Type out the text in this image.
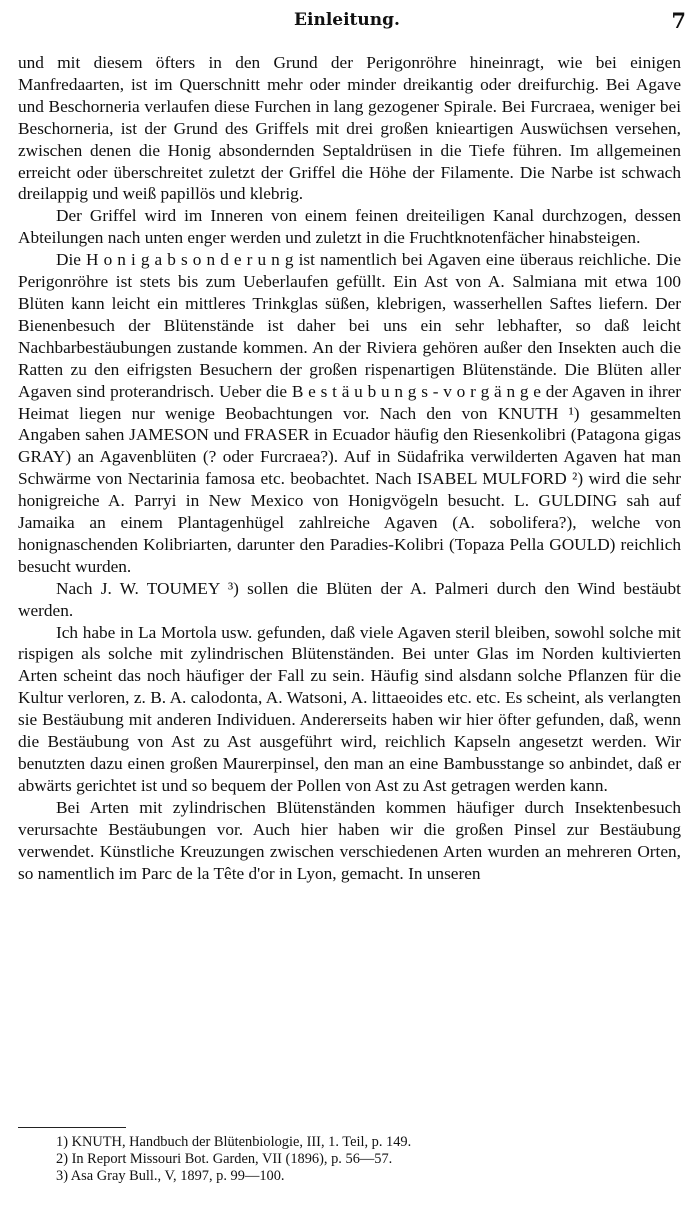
Einleitung.	7

und mit diesem öfters in den Grund der Perigonröhre hineinragt, wie bei einigen Manfredaarten, ist im Querschnitt mehr oder minder dreikantig oder dreifurchig. Bei Agave und Beschorneria verlaufen diese Furchen in lang gezogener Spirale. Bei Furcraea, weniger bei Beschorneria, ist der Grund des Griffels mit drei großen knieartigen Auswüchsen versehen, zwischen denen die Honig absondernden Septaldrüsen in die Tiefe führen. Im allgemeinen erreicht oder überschreitet zuletzt der Griffel die Höhe der Filamente. Die Narbe ist schwach dreilappig und weiß papillös und klebrig.

Der Griffel wird im Inneren von einem feinen dreiteiligen Kanal durchzogen, dessen Abteilungen nach unten enger werden und zuletzt in die Fruchtknotenfächer hinabsteigen.

Die H o n i g a b s o n d e r u n g ist namentlich bei Agaven eine überaus reichliche. Die Perigonröhre ist stets bis zum Ueberlaufen gefüllt. Ein Ast von A. Salmiana mit etwa 100 Blüten kann leicht ein mittleres Trinkglas süßen, klebrigen, wasserhellen Saftes liefern. Der Bienenbesuch der Blütenstände ist daher bei uns ein sehr lebhafter, so daß leicht Nachbarbestäubungen zustande kommen. An der Riviera gehören außer den Insekten auch die Ratten zu den eifrigsten Besuchern der großen rispenartigen Blütenstände. Die Blüten aller Agaven sind proterandrisch. Ueber die B e s t ä u b u n g s - v o r g ä n g e der Agaven in ihrer Heimat liegen nur wenige Beobachtungen vor. Nach den von KNUTH ¹) gesammelten Angaben sahen JAMESON und FRASER in Ecuador häufig den Riesenkolibri (Patagona gigas GRAY) an Agavenblüten (? oder Furcraea?). Auf in Südafrika verwilderten Agaven hat man Schwärme von Nectarinia famosa etc. beobachtet. Nach ISABEL MULFORD ²) wird die sehr honigreiche A. Parryi in New Mexico von Honigvögeln besucht. L. GULDING sah auf Jamaika an einem Plantagenhügel zahlreiche Agaven (A. sobolifera?), welche von honignaschenden Kolibriarten, darunter den Paradies-Kolibri (Topaza Pella GOULD) reichlich besucht wurden.

Nach J. W. TOUMEY ³) sollen die Blüten der A. Palmeri durch den Wind bestäubt werden.

Ich habe in La Mortola usw. gefunden, daß viele Agaven steril bleiben, sowohl solche mit rispigen als solche mit zylindrischen Blütenständen. Bei unter Glas im Norden kultivierten Arten scheint das noch häufiger der Fall zu sein. Häufig sind alsdann solche Pflanzen für die Kultur verloren, z. B. A. calodonta, A. Watsoni, A. littaeoides etc. etc. Es scheint, als verlangten sie Bestäubung mit anderen Individuen. Andererseits haben wir hier öfter gefunden, daß, wenn die Bestäubung von Ast zu Ast ausgeführt wird, reichlich Kapseln angesetzt werden. Wir benutzten dazu einen großen Maurerpinsel, den man an eine Bambusstange so anbindet, daß er abwärts gerichtet ist und so bequem der Pollen von Ast zu Ast getragen werden kann.

Bei Arten mit zylindrischen Blütenständen kommen häufiger durch Insektenbesuch verursachte Bestäubungen vor. Auch hier haben wir die großen Pinsel zur Bestäubung verwendet. Künstliche Kreuzungen zwischen verschiedenen Arten wurden an mehreren Orten, so namentlich im Parc de la Tête d'or in Lyon, gemacht. In unseren

1) KNUTH, Handbuch der Blütenbiologie, III, 1. Teil, p. 149.
2) In Report Missouri Bot. Garden, VII (1896), p. 56—57.
3) Asa Gray Bull., V, 1897, p. 99—100.
